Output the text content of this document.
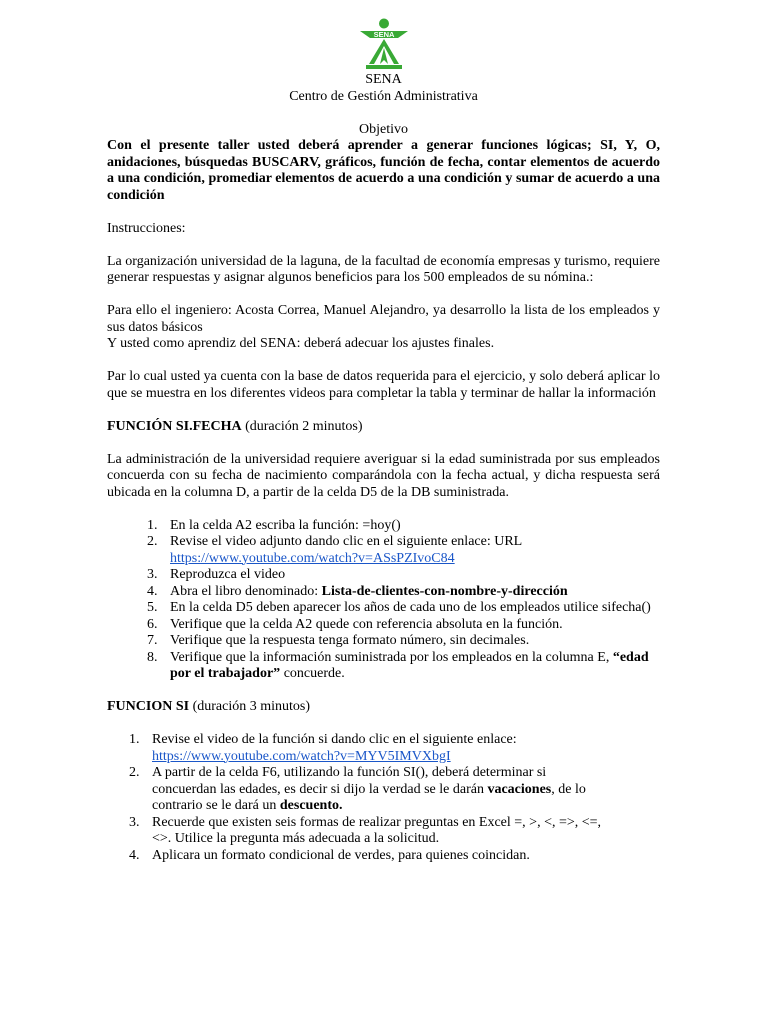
SENA

SENA

Centro de Gestión Administrativa

Objetivo

Con el presente taller usted deberá aprender a generar funciones lógicas; SI, Y, O, anidaciones, búsquedas BUSCARV, gráficos, función de fecha, contar elementos de acuerdo a una condición, promediar elementos de acuerdo a una condición y sumar de acuerdo a una condición

Instrucciones:

La organización universidad de la laguna, de la facultad de economía empresas y turismo, requiere generar respuestas y asignar algunos beneficios para los 500 empleados de su nómina.:

Para ello el ingeniero: Acosta Correa, Manuel Alejandro, ya desarrollo la lista de los empleados y sus datos básicos

Y usted como aprendiz del SENA: deberá adecuar los ajustes finales.

Par lo cual usted ya cuenta con la base de datos requerida para el ejercicio, y solo deberá aplicar lo que se muestra en los diferentes videos para completar la tabla y terminar de hallar la información

FUNCIÓN SI.FECHA (duración 2 minutos)

La administración de la universidad requiere averiguar si la edad suministrada por sus empleados concuerda con su fecha de nacimiento comparándola con la fecha actual, y dicha respuesta será ubicada en la columna D, a partir de la celda D5 de la DB suministrada.

1. En la celda A2 escriba la función: =hoy()
2. Revise el video adjunto dando clic en el siguiente enlace: URL
https://www.youtube.com/watch?v=ASsPZIvoC84
3. Reproduzca el video
4. Abra el libro denominado: Lista-de-clientes-con-nombre-y-dirección
5. En la celda D5 deben aparecer los años de cada uno de los empleados utilice sifecha()
6. Verifique que la celda A2 quede con referencia absoluta en la función.
7. Verifique que la respuesta tenga formato número, sin decimales.
8. Verifique que la información suministrada por los empleados en la columna E, “edad por el trabajador” concuerde.

FUNCION SI (duración 3 minutos)

1. Revise el video de la función si dando clic en el siguiente enlace:
https://www.youtube.com/watch?v=MYV5IMVXbgI
2. A partir de la celda F6, utilizando la función SI(), deberá determinar si concuerdan las edades, es decir si dijo la verdad se le darán vacaciones, de lo contrario se le dará un descuento.
3. Recuerde que existen seis formas de realizar preguntas en Excel =, >, <, =>, <=, <>. Utilice la pregunta más adecuada a la solicitud.
4. Aplicara un formato condicional de verdes, para quienes coincidan.
